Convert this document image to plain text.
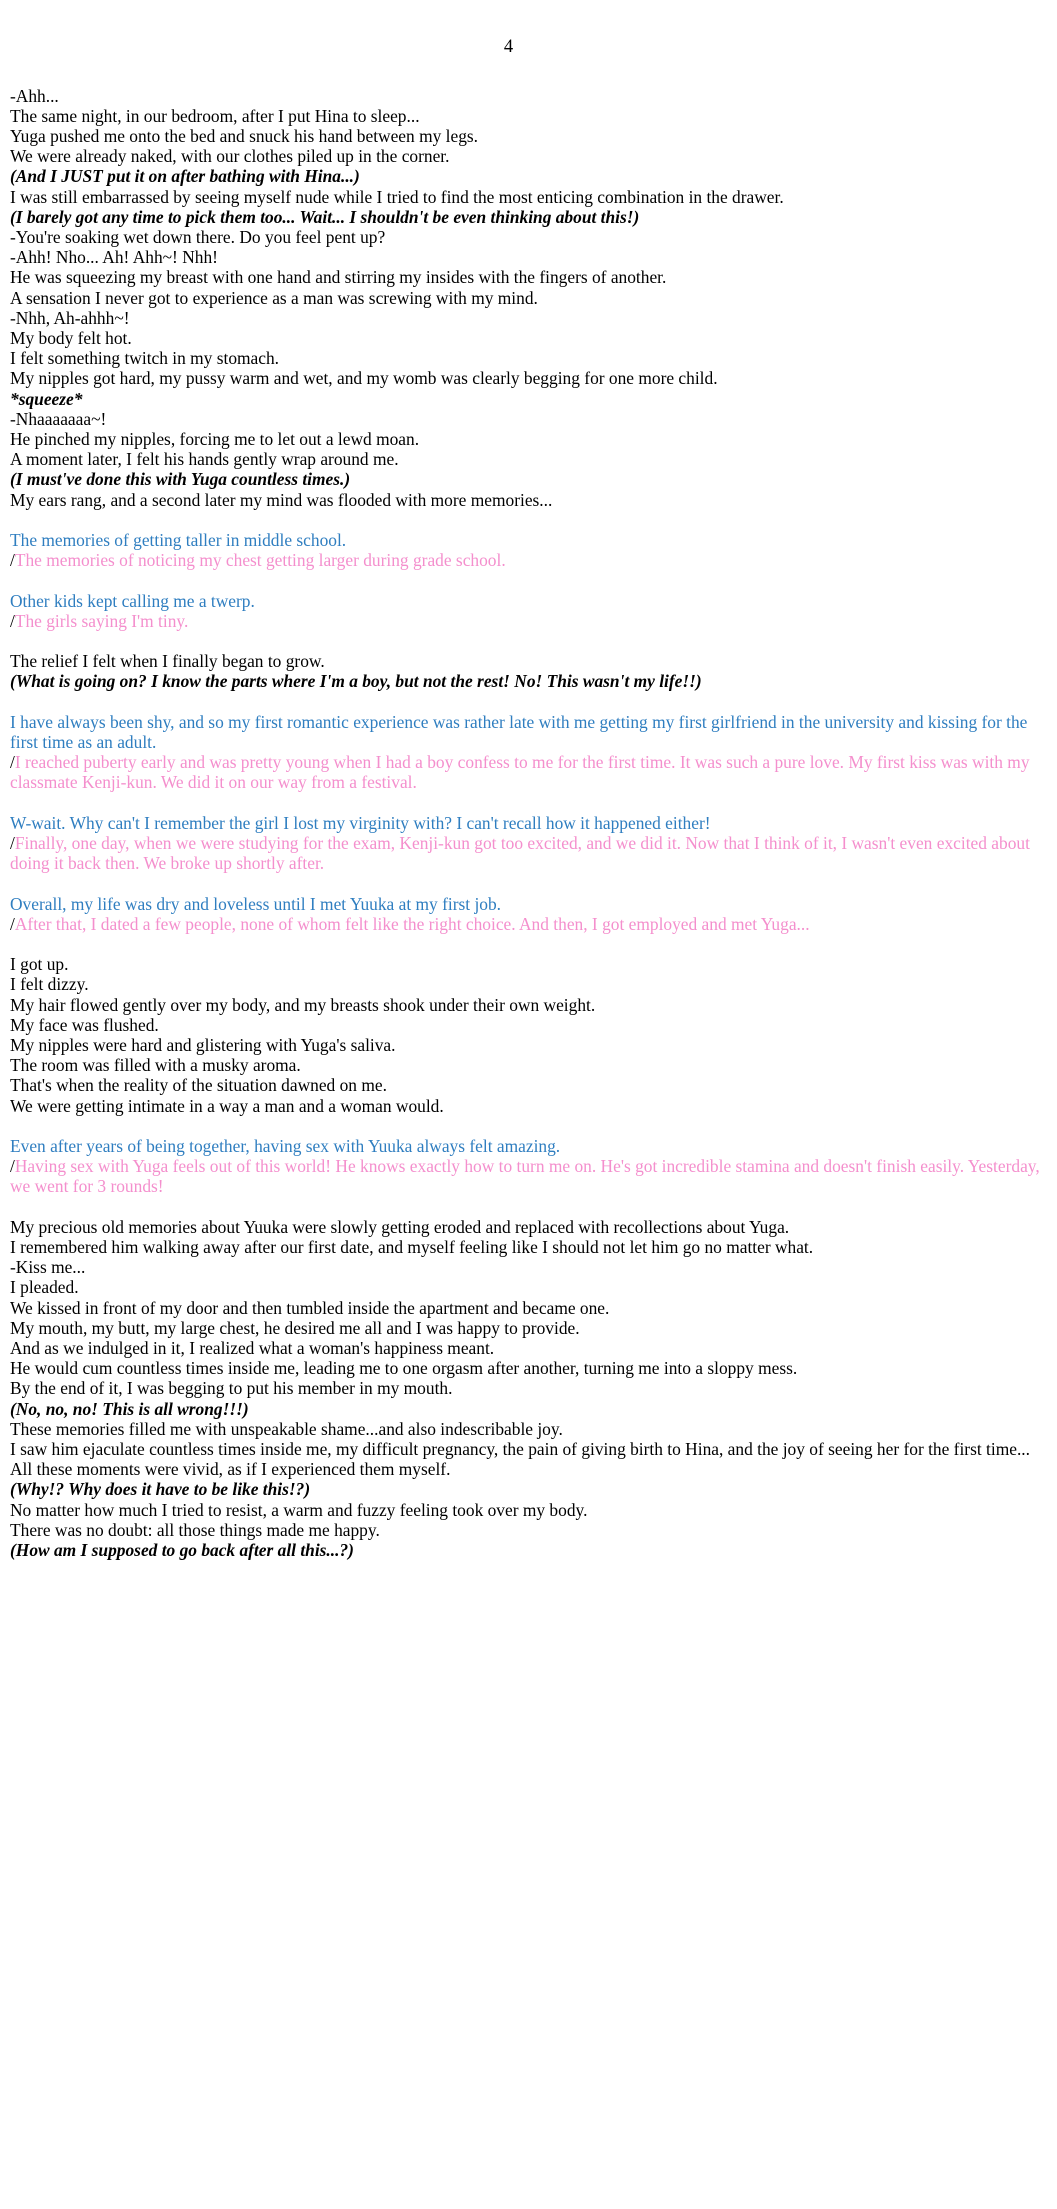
4
-Ahh...
The same night, in our bedroom, after I put Hina to sleep...
Yuga pushed me onto the bed and snuck his hand between my legs.
We were already naked, with our clothes piled up in the corner.
(And I JUST put it on after bathing with Hina...)
I was still embarrassed by seeing myself nude while I tried to find the most enticing combination in the drawer.
(I barely got any time to pick them too... Wait... I shouldn't be even thinking about this!)
-You're soaking wet down there. Do you feel pent up?
-Ahh! Nho... Ah! Ahh~! Nhh!
He was squeezing my breast with one hand and stirring my insides with the fingers of another.
A sensation I never got to experience as a man was screwing with my mind.
-Nhh, Ah-ahhh~!
My body felt hot.
I felt something twitch in my stomach.
My nipples got hard, my pussy warm and wet, and my womb was clearly begging for one more child.
*squeeze*
-Nhaaaaaaa~!
He pinched my nipples, forcing me to let out a lewd moan.
A moment later, I felt his hands gently wrap around me.
(I must've done this with Yuga countless times.)
My ears rang, and a second later my mind was flooded with more memories...
The memories of getting taller in middle school.
/The memories of noticing my chest getting larger during grade school.
Other kids kept calling me a twerp.
/The girls saying I'm tiny.
The relief I felt when I finally began to grow.
(What is going on? I know the parts where I'm a boy, but not the rest! No! This wasn't my life!!)
I have always been shy, and so my first romantic experience was rather late with me getting my first girlfriend in the university and kissing for the first time as an adult.
/I reached puberty early and was pretty young when I had a boy confess to me for the first time. It was such a pure love. My first kiss was with my classmate Kenji-kun. We did it on our way from a festival.
W-wait. Why can't I remember the girl I lost my virginity with? I can't recall how it happened either!
/Finally, one day, when we were studying for the exam, Kenji-kun got too excited, and we did it. Now that I think of it, I wasn't even excited about doing it back then. We broke up shortly after.
Overall, my life was dry and loveless until I met Yuuka at my first job.
/After that, I dated a few people, none of whom felt like the right choice. And then, I got employed and met Yuga...
I got up.
I felt dizzy.
My hair flowed gently over my body, and my breasts shook under their own weight.
My face was flushed.
My nipples were hard and glistering with Yuga's saliva.
The room was filled with a musky aroma.
That's when the reality of the situation dawned on me.
We were getting intimate in a way a man and a woman would.
Even after years of being together, having sex with Yuuka always felt amazing.
/Having sex with Yuga feels out of this world! He knows exactly how to turn me on. He's got incredible stamina and doesn't finish easily. Yesterday, we went for 3 rounds!
My precious old memories about Yuuka were slowly getting eroded and replaced with recollections about Yuga.
I remembered him walking away after our first date, and myself feeling like I should not let him go no matter what.
-Kiss me...
I pleaded.
We kissed in front of my door and then tumbled inside the apartment and became one.
My mouth, my butt, my large chest, he desired me all and I was happy to provide.
And as we indulged in it, I realized what a woman's happiness meant.
He would cum countless times inside me, leading me to one orgasm after another, turning me into a sloppy mess.
By the end of it, I was begging to put his member in my mouth.
(No, no, no! This is all wrong!!!)
These memories filled me with unspeakable shame...and also indescribable joy.
I saw him ejaculate countless times inside me, my difficult pregnancy, the pain of giving birth to Hina, and the joy of seeing her for the first time...
All these moments were vivid, as if I experienced them myself.
(Why!? Why does it have to be like this!?)
No matter how much I tried to resist, a warm and fuzzy feeling took over my body.
There was no doubt: all those things made me happy.
(How am I supposed to go back after all this...?)
